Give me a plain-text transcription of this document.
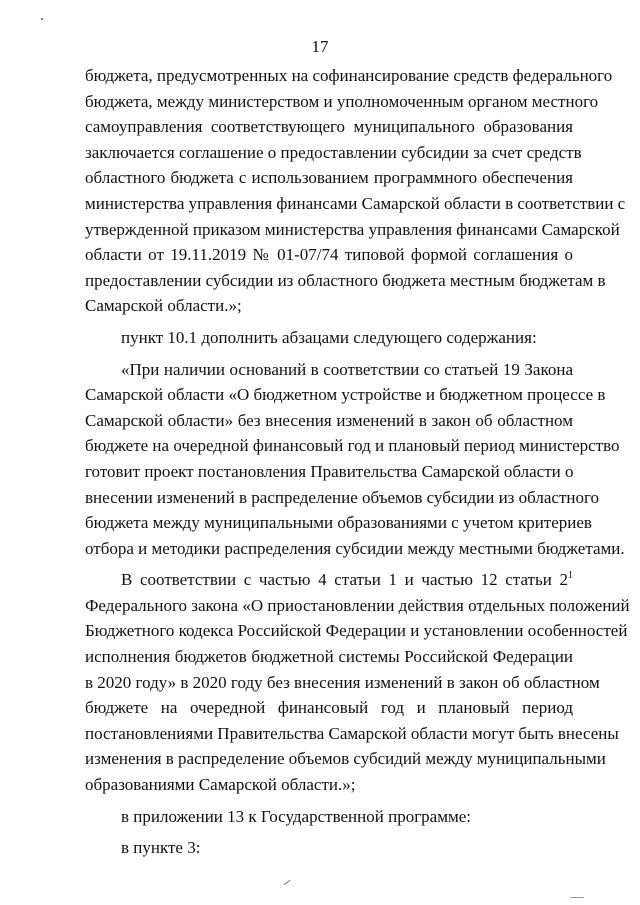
17
бюджета, предусмотренных на софинансирование средств федерального
бюджета, между министерством и уполномоченным органом местного
самоуправления соответствующего муниципального образования
заключается соглашение о предоставлении субсидии за счет средств
областного бюджета с использованием программного обеспечения
министерства управления финансами Самарской области в соответствии с
утвержденной приказом министерства управления финансами Самарской
области от 19.11.2019 № 01-07/74 типовой формой соглашения о
предоставлении субсидии из областного бюджета местным бюджетам в
Самарской области.»;
пункт 10.1 дополнить абзацами следующего содержания:
«При наличии оснований в соответствии со статьей 19 Закона
Самарской области «О бюджетном устройстве и бюджетном процессе в
Самарской области» без внесения изменений в закон об областном
бюджете на очередной финансовый год и плановый период министерство
готовит проект постановления Правительства Самарской области о
внесении изменений в распределение объемов субсидии из областного
бюджета между муниципальными образованиями с учетом критериев
отбора и методики распределения субсидии между местными бюджетами.
В соответствии с частью 4 статьи 1 и частью 12 статьи $2^1$
Федерального закона «О приостановлении действия отдельных положений
Бюджетного кодекса Российской Федерации и установлении особенностей
исполнения бюджетов бюджетной системы Российской Федерации
в 2020 году» в 2020 году без внесения изменений в закон об областном
бюджете на очередной финансовый год и плановый период
постановлениями Правительства Самарской области могут быть внесены
изменения в распределение объемов субсидий между муниципальными
образованиями Самарской области.»;
в приложении 13 к Государственной программе:
в пункте 3:
